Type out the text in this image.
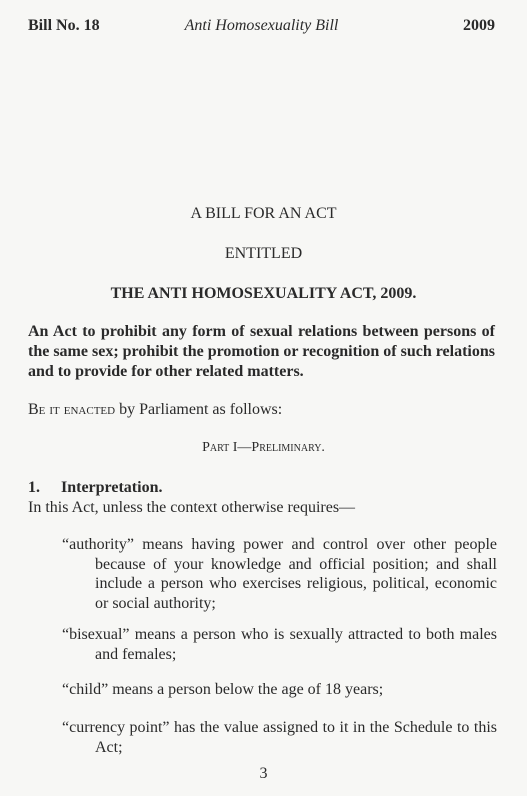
Bill No. 18	Anti Homosexuality Bill	2009
A BILL FOR AN ACT
ENTITLED
THE ANTI HOMOSEXUALITY ACT, 2009.
An Act to prohibit any form of sexual relations between persons of the same sex; prohibit the promotion or recognition of such relations and to provide for other related matters.
Be it enacted by Parliament as follows:
Part I—Preliminary.
1. Interpretation.
In this Act, unless the context otherwise requires—
“authority” means having power and control over other people because of your knowledge and official position; and shall include a person who exercises religious, political, economic or social authority;
“bisexual” means a person who is sexually attracted to both males and females;
“child” means a person below the age of 18 years;
“currency point” has the value assigned to it in the Schedule to this Act;
3
